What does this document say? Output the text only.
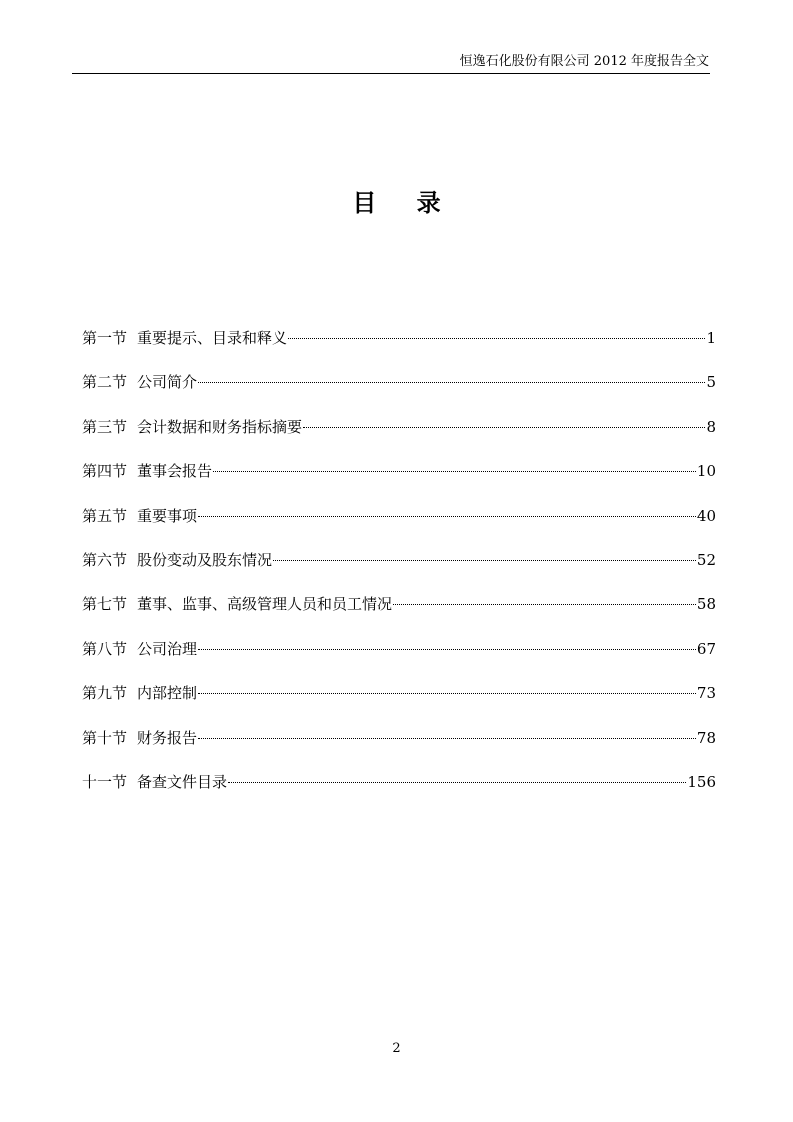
恒逸石化股份有限公司 2012 年度报告全文
目 录
第一节 重要提示、目录和释义	1
第二节 公司简介	5
第三节 会计数据和财务指标摘要	8
第四节 董事会报告	10
第五节 重要事项	40
第六节 股份变动及股东情况	52
第七节 董事、监事、高级管理人员和员工情况	58
第八节 公司治理	67
第九节 内部控制	73
第十节 财务报告	78
十一节 备查文件目录	156
2
